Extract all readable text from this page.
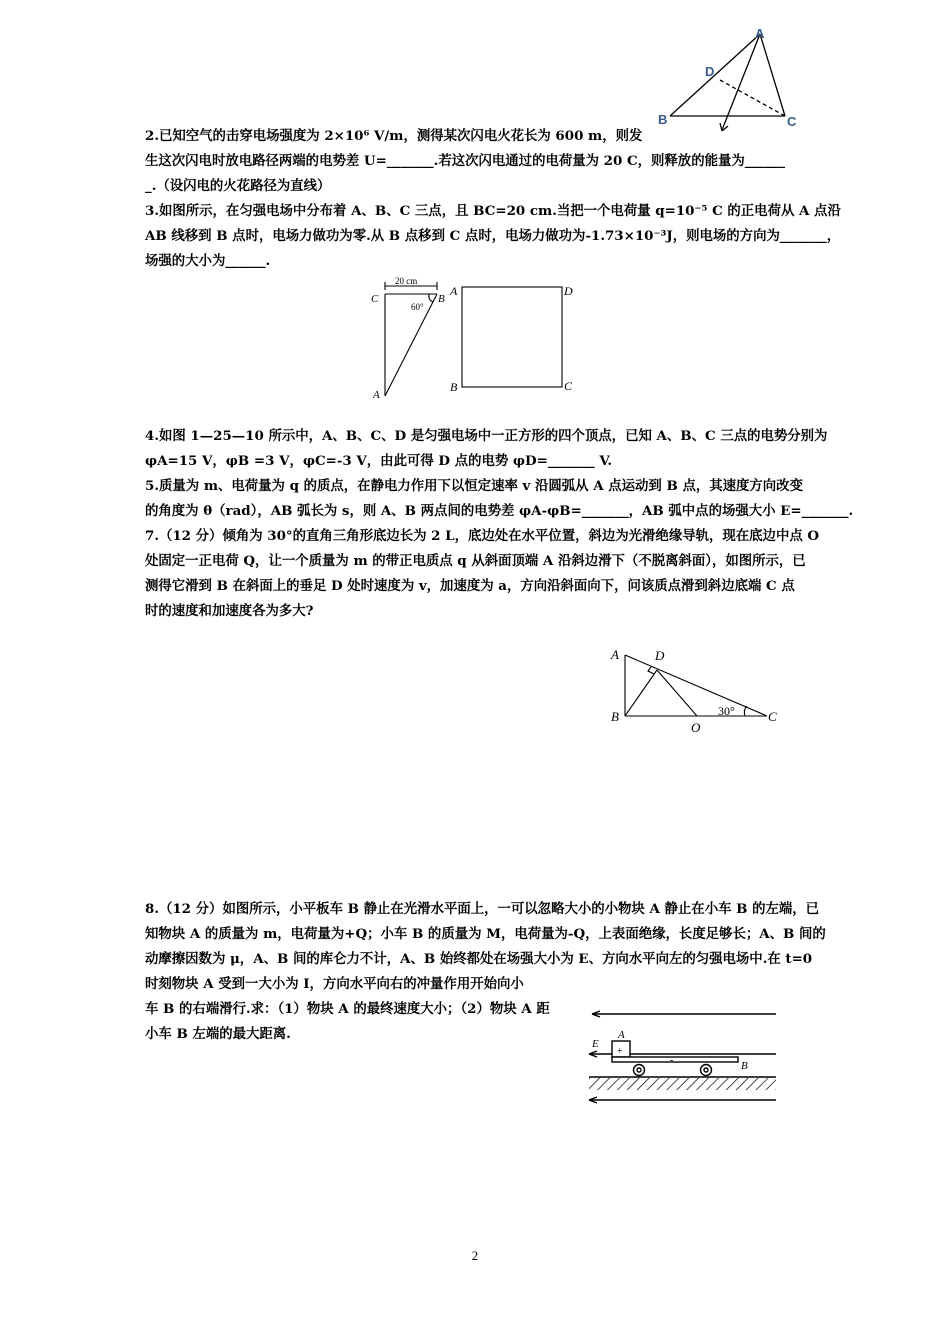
A
D
B	C
2.已知空气的击穿电场强度为 2×10⁶ V/m，测得某次闪电火花长为 600 m，则发
生这次闪电时放电路径两端的电势差 U=_______.若这次闪电通过的电荷量为 20 C，则释放的能量为______
_.（设闪电的火花路径为直线）
3.如图所示，在匀强电场中分布着 A、B、C 三点，且 BC=20 cm.当把一个电荷量 q=10⁻⁵ C 的正电荷从 A 点沿
AB 线移到 B 点时，电场力做功为零.从 B 点移到 C 点时，电场力做功为-1.73×10⁻³J，则电场的方向为_______，
场强的大小为______.
20 cm
C	B
60°
A
A	D
B	C
4.如图 1—25—10 所示中，A、B、C、D 是匀强电场中一正方形的四个顶点，已知 A、B、C 三点的电势分别为
φA=15 V，φB =3 V，φC=-3 V，由此可得 D 点的电势 φD=_______ V.
5.质量为 m、电荷量为 q 的质点，在静电力作用下以恒定速率 v 沿圆弧从 A 点运动到 B 点，其速度方向改变
的角度为 θ（rad），AB 弧长为 s，则 A、B 两点间的电势差 φA-φB=_______，AB 弧中点的场强大小 E=_______.
7.（12 分）倾角为 30°的直角三角形底边长为 2 L，底边处在水平位置，斜边为光滑绝缘导轨，现在底边中点 O
处固定一正电荷 Q，让一个质量为 m 的带正电质点 q 从斜面顶端 A 沿斜边滑下（不脱离斜面），如图所示，已
测得它滑到 B 在斜面上的垂足 D 处时速度为 v，加速度为 a，方向沿斜面向下，问该质点滑到斜边底端 C 点
时的速度和加速度各为多大?
A	D
B	30°	C
O
8.（12 分）如图所示，小平板车 B 静止在光滑水平面上，一可以忽略大小的小物块 A 静止在小车 B 的左端，已
知物块 A 的质量为 m，电荷量为+Q；小车 B 的质量为 M，电荷量为-Q，上表面绝缘，长度足够长；A、B 间的
动摩擦因数为 μ，A、B 间的库仑力不计，A、B 始终都处在场强大小为 E、方向水平向左的匀强电场中.在 t=0
时刻物块 A 受到一大小为 I，方向水平向右的冲量作用开始向小
车 B 的右端滑行.求：（1）物块 A 的最终速度大小；（2）物块 A 距
小车 B 左端的最大距离.	A
E
+
-	B
2
